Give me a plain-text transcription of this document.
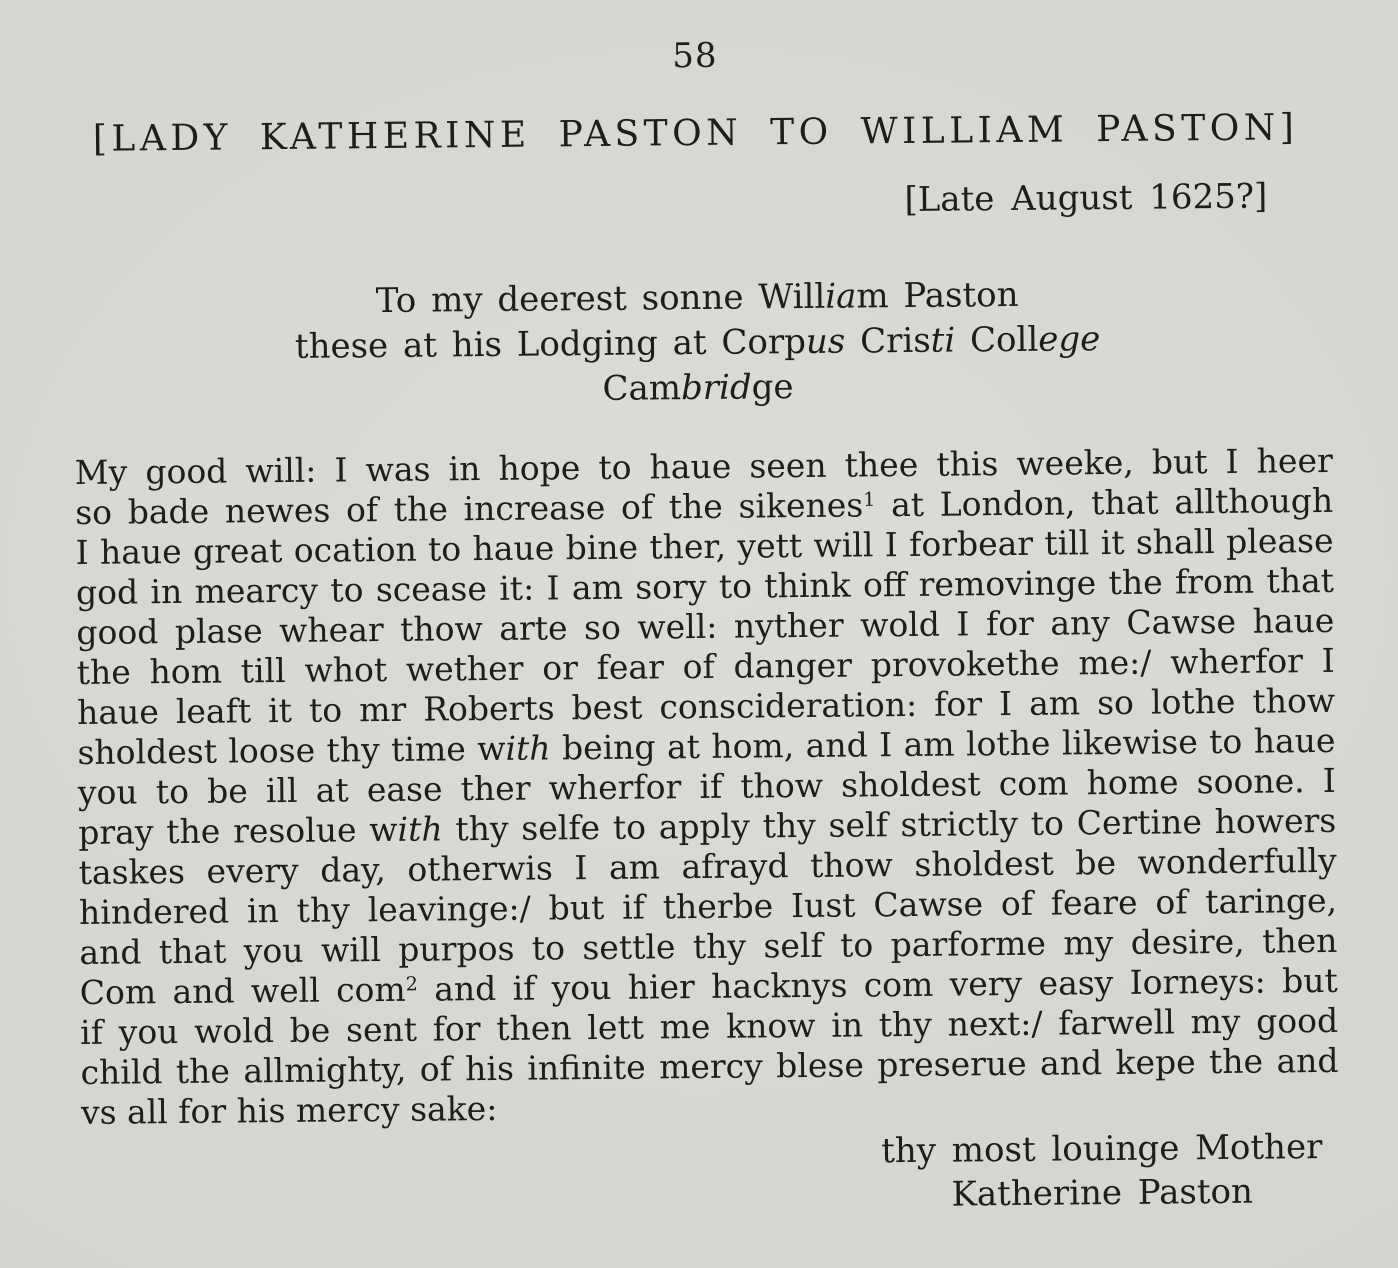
58
[LADY KATHERINE PASTON TO WILLIAM PASTON]
[Late August 1625?]
To my deerest sonne William Paston
these at his Lodging at Corpus Cristi College
Cambridge
My good will: I was in hope to haue seen thee this weeke, but I heer
so bade newes of the increase of the sikenes$^1$ at London, that allthough
I haue great ocation to haue bine ther, yett will I forbear till it shall please
god in mearcy to scease it: I am sory to think off removinge the from that
good plase whear thow arte so well: nyther wold I for any Cawse haue
the hom till whot wether or fear of danger provokethe me:/ wherfor I
haue leaft it to mr Roberts best conscideration: for I am so lothe thow
sholdest loose thy time with being at hom, and I am lothe likewise to haue
you to be ill at ease ther wherfor if thow sholdest com home soone. I
pray the resolue with thy selfe to apply thy self strictly to Certine howers
taskes every day, otherwis I am afrayd thow sholdest be wonderfully
hindered in thy leavinge:/ but if therbe Iust Cawse of feare of taringe,
and that you will purpos to settle thy self to parforme my desire, then
Com and well com$^2$ and if you hier hacknys com very easy Iorneys: but
if you wold be sent for then lett me know in thy next:/ farwell my good
child the allmighty, of his infinite mercy blese preserue and kepe the and
vs all for his mercy sake:
thy most louinge Mother
Katherine Paston
